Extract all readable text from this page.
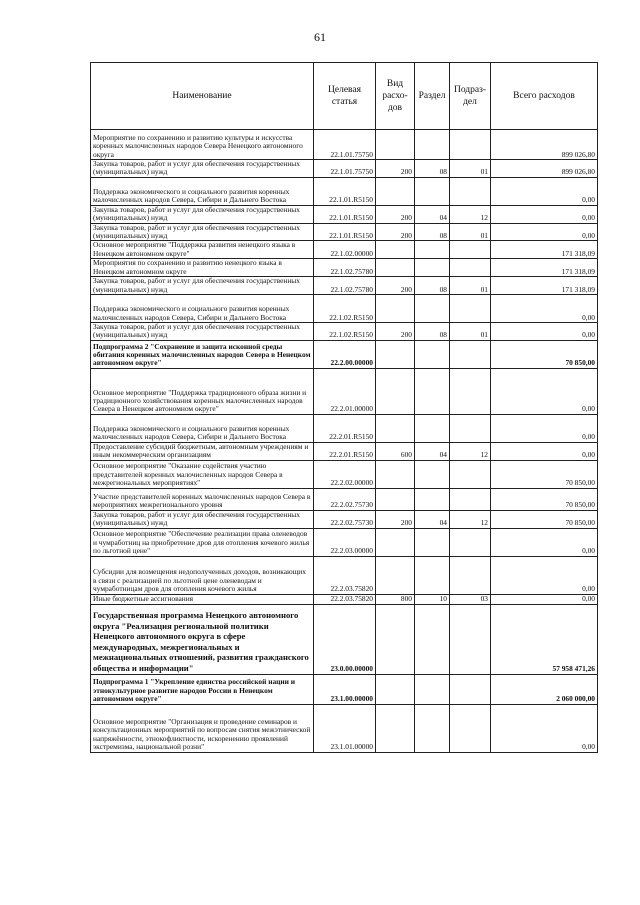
61
Наименование	Целевая статья	Вид расхо-дов	Раздел	Подраз-дел	Всего расходов
Мероприятие по сохранению и развитию культуры и искусства коренных малочисленных народов Севера Ненецкого автономного округа	22.1.01.75750				899 026,80
Закупка товаров, работ и услуг для обеспечения государственных (муниципальных) нужд	22.1.01.75750	200	08	01	899 026,80
Поддержка экономического и социального развития коренных малочисленных народов Севера, Сибири и Дальнего Востока	22.1.01.R5150				0,00
Закупка товаров, работ и услуг для обеспечения государственных (муниципальных) нужд	22.1.01.R5150	200	04	12	0,00
Закупка товаров, работ и услуг для обеспечения государственных (муниципальных) нужд	22.1.01.R5150	200	08	01	0,00
Основное мероприятие "Поддержка развития ненецкого языка в Ненецком автономном округе"	22.1.02.00000				171 318,09
Мероприятия по сохранению и развитию ненецкого языка в Ненецком автономном округе	22.1.02.75780				171 318,09
Закупка товаров, работ и услуг для обеспечения государственных (муниципальных) нужд	22.1.02.75780	200	08	01	171 318,09
Поддержка экономического и социального развития коренных малочисленных народов Севера, Сибири и Дальнего Востока	22.1.02.R5150				0,00
Закупка товаров, работ и услуг для обеспечения государственных (муниципальных) нужд	22.1.02.R5150	200	08	01	0,00
Подпрограмма 2 "Сохранение и защита исконной среды обитания коренных малочисленных народов Севера в Ненецком автономном округе"	22.2.00.00000				70 850,00
Основное мероприятие "Поддержка традиционного образа жизни и традиционного хозяйствования коренных малочисленных народов Севера в Ненецком автономном округе"	22.2.01.00000				0,00
Поддержка экономического и социального развития коренных малочисленных народов Севера, Сибири и Дальнего Востока	22.2.01.R5150				0,00
Предоставление субсидий бюджетным, автономным учреждениям и иным некоммерческим организациям	22.2.01.R5150	600	04	12	0,00
Основное мероприятие "Оказание содействия участию представителей коренных малочисленных народов Севера в межрегиональных мероприятиях"	22.2.02.00000				70 850,00
Участие представителей коренных малочисленных народов Севера в мероприятиях межрегионального уровня	22.2.02.75730				70 850,00
Закупка товаров, работ и услуг для обеспечения государственных (муниципальных) нужд	22.2.02.75730	200	04	12	70 850,00
Основное мероприятие "Обеспечение реализации права оленеводов и чумработниц на приобретение дров для отопления кочевого жилья по льготной цене"	22.2.03.00000				0,00
Субсидии для возмещения недополученных доходов, возникающих в связи с реализацией по льготной цене оленеводам и чумработницам дров для отопления кочевого жилья	22.2.03.75820				0,00
Иные бюджетные ассигнования	22.2.03.75820	800	10	03	0,00
Государственная программа Ненецкого автономного округа "Реализация региональной политики Ненецкого автономного округа в сфере международных, межрегиональных и межнациональных отношений, развития гражданского общества и информации"	23.0.00.00000				57 958 471,26
Подпрограмма 1 "Укрепление единства российской нации и этнокультурное развитие народов России в Ненецком автономном округе"	23.1.00.00000				2 060 000,00
Основное мероприятие "Организация и проведение семинаров и консультационных мероприятий по вопросам снятия межэтнической напряжённости, этнокофликтности, искоренению проявлений экстремизма, национальной розни"	23.1.01.00000				0,00
